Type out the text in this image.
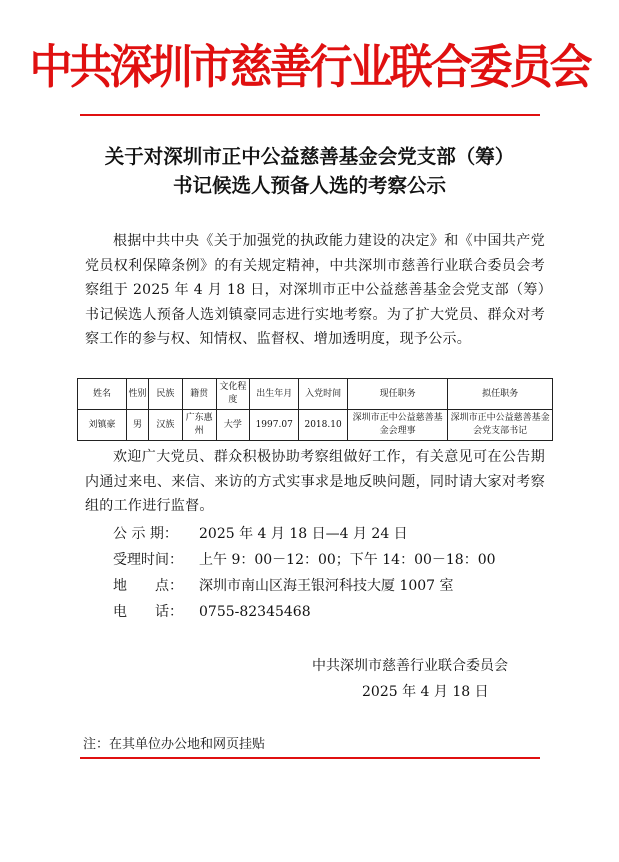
中共深圳市慈善行业联合委员会
关于对深圳市正中公益慈善基金会党支部（筹）
书记候选人预备人选的考察公示

根据中共中央《关于加强党的执政能力建设的决定》和《中国共产党党员权利保障条例》的有关规定精神，中共深圳市慈善行业联合委员会考察组于 2025 年 4 月 18 日，对深圳市正中公益慈善基金会党支部（筹）书记候选人预备人选刘镇豪同志进行实地考察。为了扩大党员、群众对考察工作的参与权、知情权、监督权、增加透明度，现予公示。

姓名	性别	民族	籍贯	文化程度	出生年月	入党时间	现任职务	拟任职务
刘镇豪	男	汉族	广东惠州	大学	1997.07	2018.10	深圳市正中公益慈善基金会理事	深圳市正中公益慈善基金会党支部书记

欢迎广大党员、群众积极协助考察组做好工作，有关意见可在公告期内通过来电、来信、来访的方式实事求是地反映问题，同时请大家对考察组的工作进行监督。

公 示 期： 2025 年 4 月 18 日—4 月 24 日
受理时间： 上午 9：00－12：00；下午 14：00－18：00
地　　点： 深圳市南山区海王银河科技大厦 1007 室
电　　话： 0755-82345468
中共深圳市慈善行业联合委员会
2025 年 4 月 18 日
注：在其单位办公地和网页挂贴
